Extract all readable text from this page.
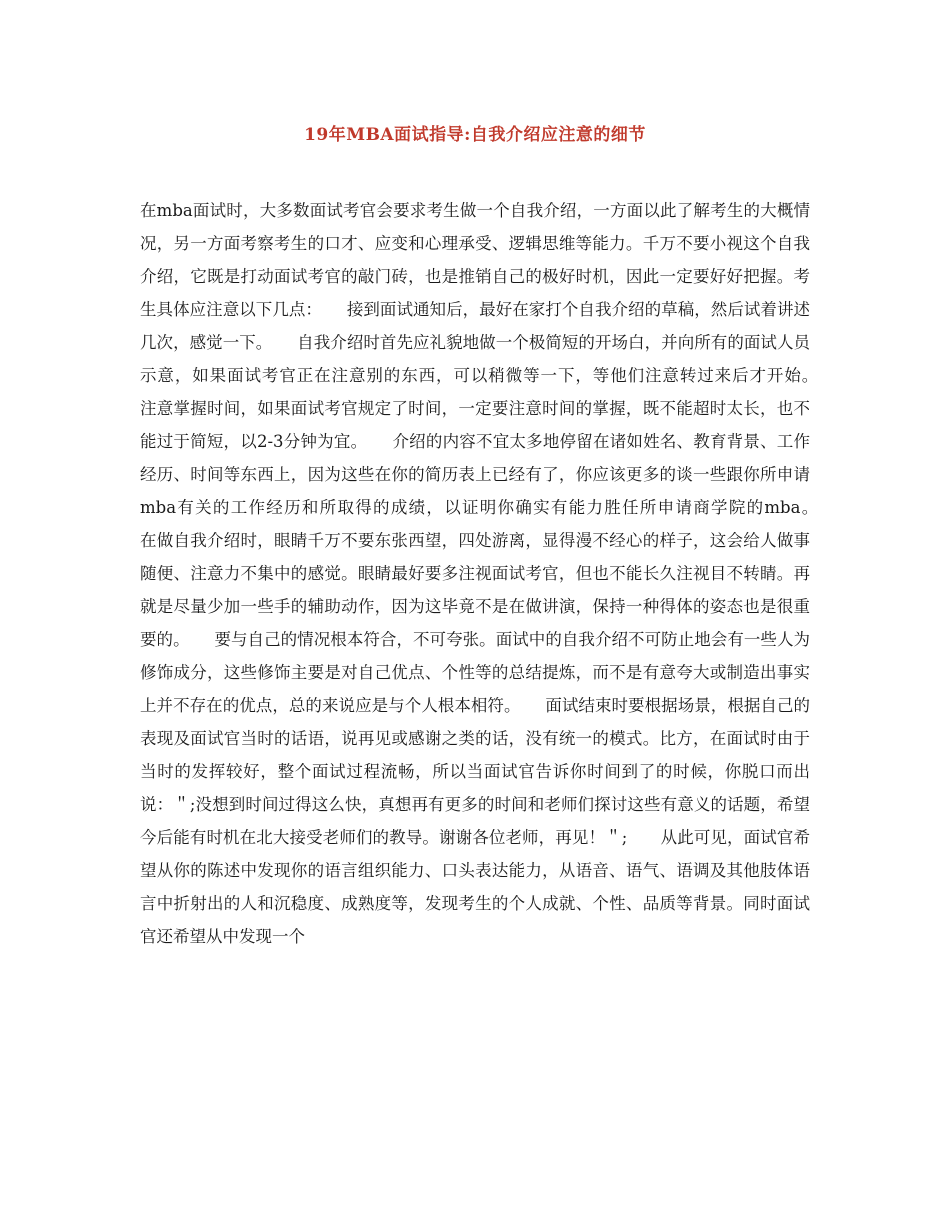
19年MBA面试指导:自我介绍应注意的细节

在mba面试时，大多数面试考官会要求考生做一个自我介绍，一方面以此了解考生的大概情况，另一方面考察考生的口才、应变和心理承受、逻辑思维等能力。千万不要小视这个自我介绍，它既是打动面试考官的敲门砖，也是推销自己的极好时机，因此一定要好好把握。考生具体应注意以下几点：　　接到面试通知后，最好在家打个自我介绍的草稿，然后试着讲述几次，感觉一下。　　自我介绍时首先应礼貌地做一个极简短的开场白，并向所有的面试人员示意，如果面试考官正在注意别的东西，可以稍微等一下，等他们注意转过来后才开始。　　注意掌握时间，如果面试考官规定了时间，一定要注意时间的掌握，既不能超时太长，也不能过于简短，以2-3分钟为宜。　　介绍的内容不宜太多地停留在诸如姓名、教育背景、工作经历、时间等东西上，因为这些在你的简历表上已经有了，你应该更多的谈一些跟你所申请mba有关的工作经历和所取得的成绩，以证明你确实有能力胜任所申请商学院的mba。　　在做自我介绍时，眼睛千万不要东张西望，四处游离，显得漫不经心的样子，这会给人做事随便、注意力不集中的感觉。眼睛最好要多注视面试考官，但也不能长久注视目不转睛。再就是尽量少加一些手的辅助动作，因为这毕竟不是在做讲演，保持一种得体的姿态也是很重要的。　　要与自己的情况根本符合，不可夸张。面试中的自我介绍不可防止地会有一些人为修饰成分，这些修饰主要是对自己优点、个性等的总结提炼，而不是有意夸大或制造出事实上并不存在的优点，总的来说应是与个人根本相符。　　面试结束时要根据场景，根据自己的表现及面试官当时的话语，说再见或感谢之类的话，没有统一的模式。比方，在面试时由于当时的发挥较好，整个面试过程流畅，所以当面试官告诉你时间到了的时候，你脱口而出说：＂;没想到时间过得这么快，真想再有更多的时间和老师们探讨这些有意义的话题，希望今后能有时机在北大接受老师们的教导。谢谢各位老师，再见！＂;　　从此可见，面试官希望从你的陈述中发现你的语言组织能力、口头表达能力，从语音、语气、语调及其他肢体语言中折射出的人和沉稳度、成熟度等，发现考生的个人成就、个性、品质等背景。同时面试官还希望从中发现一个
